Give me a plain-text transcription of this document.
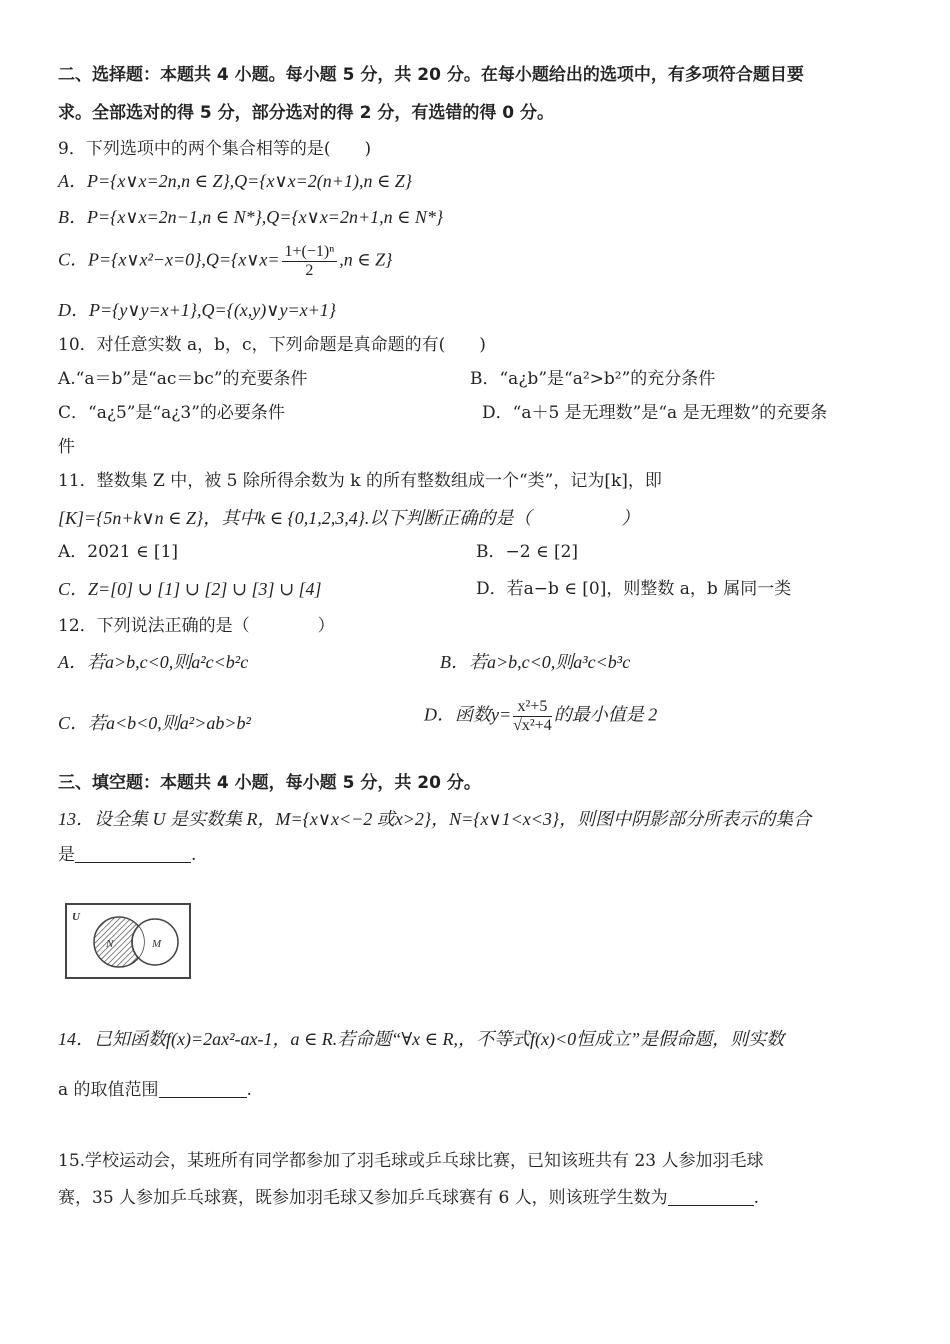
二、选择题：本题共 4 小题。每小题 5 分，共 20 分。在每小题给出的选项中，有多项符合题目要
求。全部选对的得 5 分，部分选对的得 2 分，有选错的得 0 分。
9．下列选项中的两个集合相等的是(　　)
A．P={x∨x=2n,n ∈ Z},Q={x∨x=2(n+1),n ∈ Z}
B．P={x∨x=2n−1,n ∈ N*},Q={x∨x=2n+1,n ∈ N*}
C．P={x∨x²−x=0},Q={x∨x= $\frac{\text{1+(−1)ⁿ}}{2} ,n$ ∈ Z}
D．P={y∨y=x+1},Q={(x,y)∨y=x+1}
10．对任意实数 a，b，c，下列命题是真命题的有(　　)
A.“a＝b”是“ac＝bc”的充要条件	B．“a¿b”是“a²>b²”的充分条件
C．“a¿5”是“a¿3”的必要条件	D．“a＋5 是无理数”是“a 是无理数”的充要条
件
11．整数集 Z 中，被 5 除所得余数为 k 的所有整数组成一个“类”，记为[k]，即
[K]={5n+k∨n ∈ Z}，其中k ∈ {0,1,2,3,4}.以下判断正确的是（　　　　　）
A．2021 ∈ [1]	B．−2 ∈ [2]
C．Z=[0] ∪ [1] ∪ [2] ∪ [3] ∪ [4]	D．若a−b ∈ [0]，则整数 a，b 属同一类
12．下列说法正确的是（　　　　）
A．若a>b,c<0,则a²c<b²c	B．若a>b,c<0,则a³c<b³c
C．若a<b<0,则a²>ab>b²	D．函数$y= \frac{\text{x²+5}}{\text{√x²+4}}$ 的最小值是 2
三、填空题：本题共 4 小题，每小题 5 分，共 20 分。
13．设全集 U 是实数集 R，M={x∨x<−2 或x>2}，N={x∨1<x<3}，则图中阴影部分所表示的集合
是	.
U
N	M
14．已知函数f(x)=2ax²-ax-1，a ∈ R.若命题“∀x ∈ R,，不等式f(x)<0恒成立”是假命题，则实数
a 的取值范围	.
15.学校运动会，某班所有同学都参加了羽毛球或乒乓球比赛，已知该班共有 23 人参加羽毛球
赛，35 人参加乒乓球赛，既参加羽毛球又参加乒乓球赛有 6 人，则该班学生数为	.
